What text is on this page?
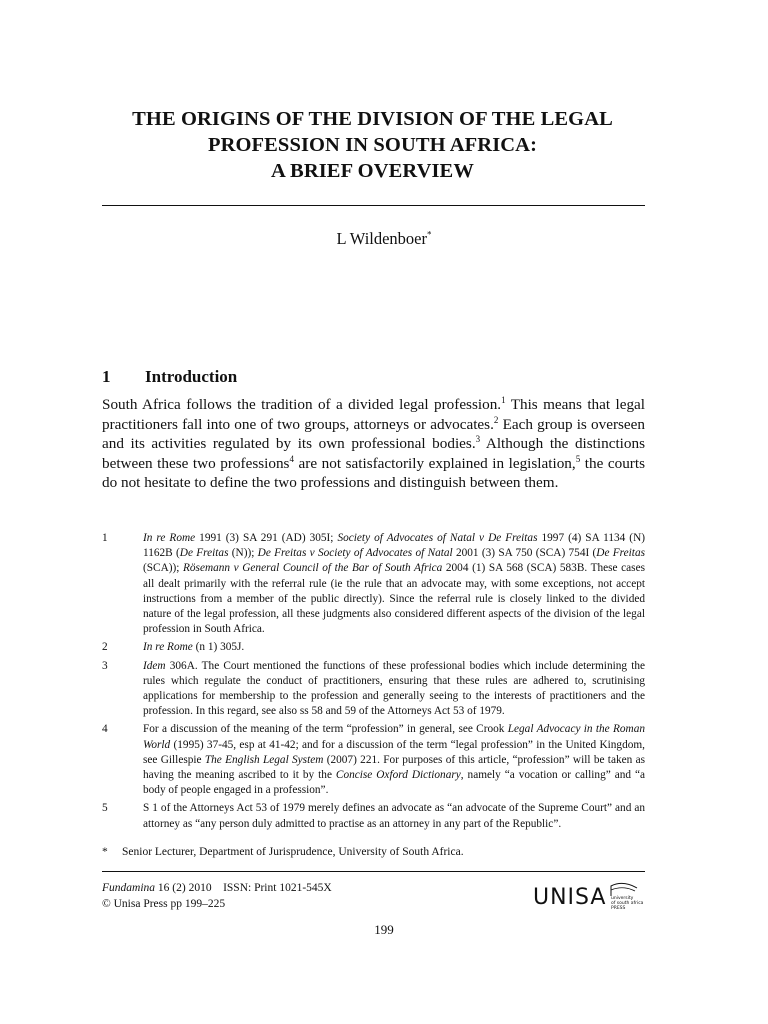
THE ORIGINS OF THE DIVISION OF THE LEGAL
PROFESSION IN SOUTH AFRICA:
A BRIEF OVERVIEW
L Wildenboer*
1 Introduction

South Africa follows the tradition of a divided legal profession.$^1$ This means that legal practitioners fall into one of two groups, attorneys or advocates.$^2$ Each group is overseen and its activities regulated by its own professional bodies.$^3$ Although the distinctions between these two professions$^4$ are not satisfactorily explained in legislation,$^5$ the courts do not hesitate to define the two professions and distinguish between them.

1	In re Rome 1991 (3) SA 291 (AD) 305I; Society of Advocates of Natal v De Freitas 1997 (4) SA 1134 (N) 1162B (De Freitas (N)); De Freitas v Society of Advocates of Natal 2001 (3) SA 750 (SCA) 754I (De Freitas (SCA)); Rösemann v General Council of the Bar of South Africa 2004 (1) SA 568 (SCA) 583B. These cases all dealt primarily with the referral rule (ie the rule that an advocate may, with some exceptions, not accept instructions from a member of the public directly). Since the referral rule is closely linked to the divided nature of the legal profession, all these judgments also considered different aspects of the division of the legal profession in South Africa.
2	In re Rome (n 1) 305J.
3	Idem 306A. The Court mentioned the functions of these professional bodies which include determining the rules which regulate the conduct of practitioners, ensuring that these rules are adhered to, scrutinising applications for membership to the profession and generally seeing to the interests of practitioners and the profession. In this regard, see also ss 58 and 59 of the Attorneys Act 53 of 1979.
4	For a discussion of the meaning of the term “profession” in general, see Crook Legal Advocacy in the Roman World (1995) 37-45, esp at 41-42; and for a discussion of the term “legal profession” in the United Kingdom, see Gillespie The English Legal System (2007) 221. For purposes of this article, “profession” will be taken as having the meaning ascribed to it by the Concise Oxford Dictionary, namely “a vocation or calling” and “a body of people engaged in a profession”.
5	S 1 of the Attorneys Act 53 of 1979 merely defines an advocate as “an advocate of the Supreme Court” and an attorney as “any person duly admitted to practise as an attorney in any part of the Republic”.
* Senior Lecturer, Department of Jurisprudence, University of South Africa.
Fundamina 16 (2) 2010 ISSN: Print 1021-545X
© Unisa Press pp 199–225	UNISA university
of south africa
PRESS
199
